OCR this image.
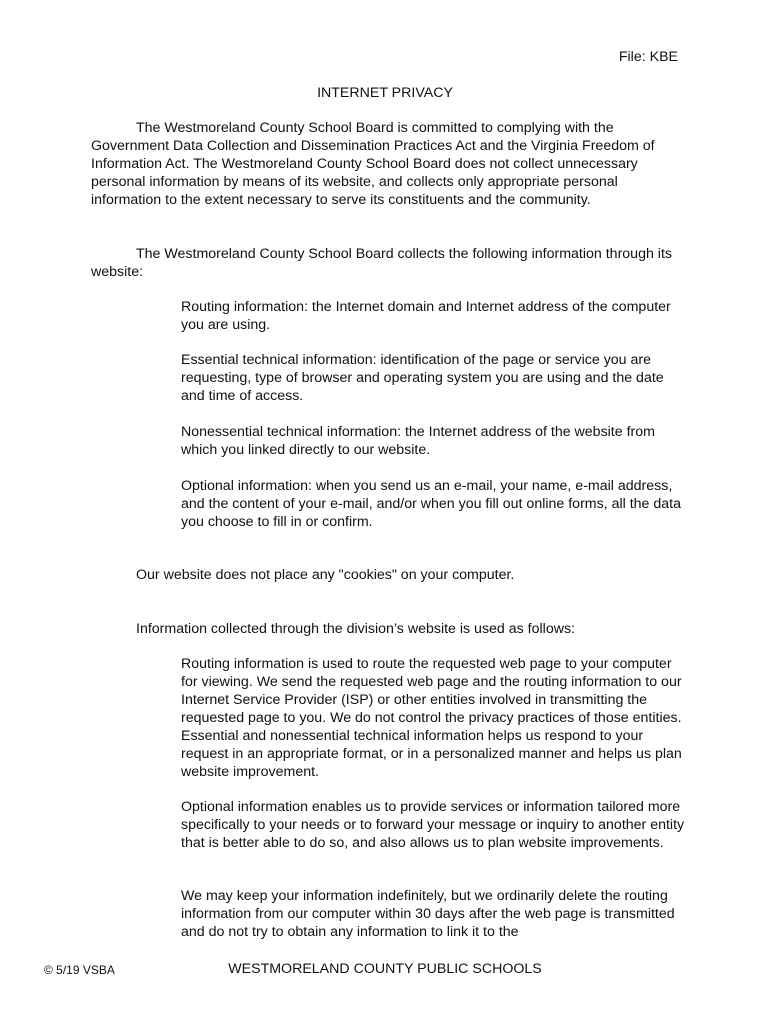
File: KBE

INTERNET PRIVACY

The Westmoreland County School Board is committed to complying with the Government Data Collection and Dissemination Practices Act and the Virginia Freedom of Information Act. The Westmoreland County School Board does not collect unnecessary personal information by means of its website, and collects only appropriate personal information to the extent necessary to serve its constituents and the community.

The Westmoreland County School Board collects the following information through its website:

Routing information: the Internet domain and Internet address of the computer you are using.

Essential technical information: identification of the page or service you are requesting, type of browser and operating system you are using and the date and time of access.

Nonessential technical information: the Internet address of the website from which you linked directly to our website.

Optional information: when you send us an e-mail, your name, e-mail address, and the content of your e-mail, and/or when you fill out online forms, all the data you choose to fill in or confirm.

Our website does not place any "cookies" on your computer.

Information collected through the division’s website is used as follows:

Routing information is used to route the requested web page to your computer for viewing. We send the requested web page and the routing information to our Internet Service Provider (ISP) or other entities involved in transmitting the requested page to you. We do not control the privacy practices of those entities. Essential and nonessential technical information helps us respond to your request in an appropriate format, or in a personalized manner and helps us plan website improvement.

Optional information enables us to provide services or information tailored more specifically to your needs or to forward your message or inquiry to another entity that is better able to do so, and also allows us to plan website improvements.

We may keep your information indefinitely, but we ordinarily delete the routing information from our computer within 30 days after the web page is transmitted and do not try to obtain any information to link it to the

© 5/19 VSBA	WESTMORELAND COUNTY PUBLIC SCHOOLS
